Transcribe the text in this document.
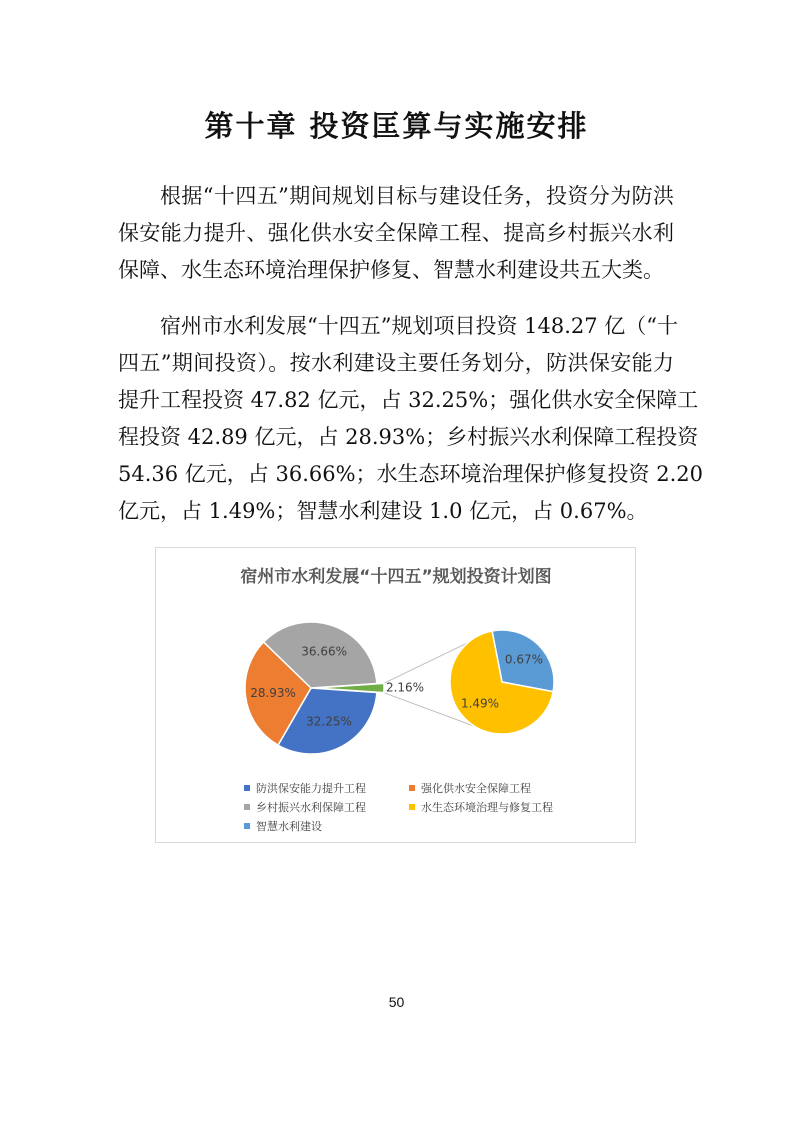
第十章 投资匡算与实施安排
根据“十四五”期间规划目标与建设任务，投资分为防洪
保安能力提升、强化供水安全保障工程、提高乡村振兴水利
保障、水生态环境治理保护修复、智慧水利建设共五大类。
宿州市水利发展“十四五”规划项目投资 148.27 亿（“十
四五”期间投资）。按水利建设主要任务划分，防洪保安能力
提升工程投资 47.82 亿元，占 32.25%；强化供水安全保障工
程投资 42.89 亿元，占 28.93%；乡村振兴水利保障工程投资
54.36 亿元，占 36.66%；水生态环境治理保护修复投资 2.20
亿元，占 1.49%；智慧水利建设 1.0 亿元，占 0.67%。
宿州市水利发展“十四五”规划投资计划图
32.25%
28.93%
36.66%
2.16%
0.67%
1.49%
防洪保安能力提升工程	强化供水安全保障工程
乡村振兴水利保障工程	水生态环境治理与修复工程
智慧水利建设
50
